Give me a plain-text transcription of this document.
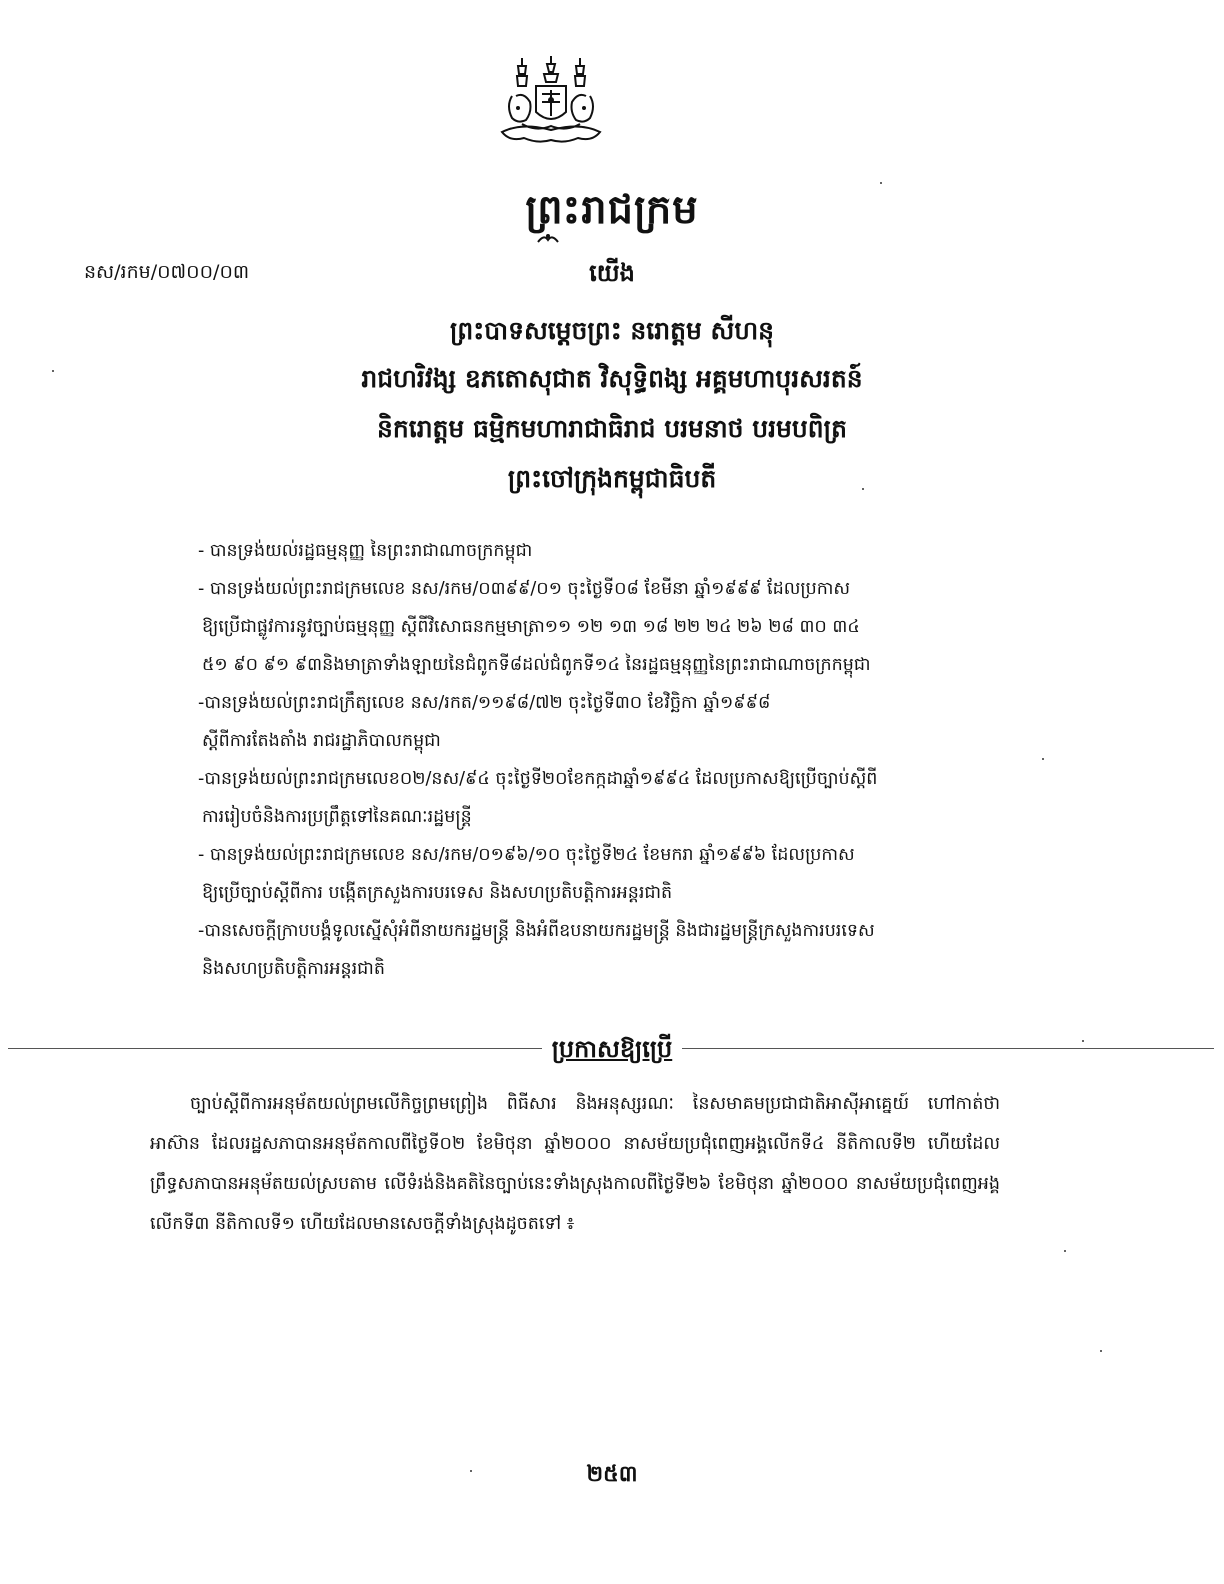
ព្រះរាជក្រម
នស/រកម/០៧០០/០៣	យើង
ព្រះបាទសម្តេចព្រះ នរោត្តម សីហនុ
រាជហរិវង្ស ឧភតោសុជាត វិសុទ្ធិពង្ស អគ្គមហាបុរសរតន៍
និករោត្តម ធម្មិកមហារាជាធិរាជ បរមនាថ បរមបពិត្រ
ព្រះចៅក្រុងកម្ពុជាធិបតី

- បានទ្រង់យល់រដ្ឋធម្មនុញ្ញ នៃព្រះរាជាណាចក្រកម្ពុជា

- បានទ្រង់យល់ព្រះរាជក្រមលេខ នស/រកម/០៣៩៩/០១ ចុះថ្ងៃទី០៨ ខែមីនា ឆ្នាំ១៩៩៩ ដែលប្រកាស
ឱ្យប្រើជាផ្លូវការនូវច្បាប់ធម្មនុញ្ញ ស្តីពីវិសោធនកម្មមាត្រា១១ ១២ ១៣ ១៨ ២២ ២៤ ២៦ ២៨ ៣០ ៣៤
៥១ ៩០ ៩១ ៩៣និងមាត្រាទាំងឡាយនៃជំពូកទី៨ដល់ជំពូកទី១៤ នៃរដ្ឋធម្មនុញ្ញនៃព្រះរាជាណាចក្រកម្ពុជា

-បានទ្រង់យល់ព្រះរាជក្រឹត្យលេខ នស/រកត/១១៩៨/៧២ ចុះថ្ងៃទី៣០ ខែវិច្ឆិកា ឆ្នាំ១៩៩៨
ស្តីពីការតែងតាំង រាជរដ្ឋាភិបាលកម្ពុជា

-បានទ្រង់យល់ព្រះរាជក្រមលេខ០២/នស/៩៤ ចុះថ្ងៃទី២០ខែកក្កដាឆ្នាំ១៩៩៤ ដែលប្រកាសឱ្យប្រើច្បាប់ស្តីពី
ការរៀបចំនិងការប្រព្រឹត្តទៅនៃគណៈរដ្ឋមន្ត្រី

- បានទ្រង់យល់ព្រះរាជក្រមលេខ នស/រកម/០១៩៦/១០ ចុះថ្ងៃទី២៤ ខែមករា ឆ្នាំ១៩៩៦ ដែលប្រកាស
ឱ្យប្រើច្បាប់ស្តីពីការ បង្កើតក្រសួងការបរទេស និងសហប្រតិបត្តិការអន្តរជាតិ

-បានសេចក្តីក្រាបបង្គំទូលស្នើសុំអំពីនាយករដ្ឋមន្ត្រី និងអំពីឧបនាយករដ្ឋមន្ត្រី និងជារដ្ឋមន្ត្រីក្រសួងការបរទេស
និងសហប្រតិបត្តិការអន្តរជាតិ

ប្រកាសឱ្យប្រើ
ច្បាប់ស្តីពីការអនុម័តយល់ព្រមលើកិច្ចព្រមព្រៀង ពិធីសារ និងអនុស្សរណៈ នៃសមាគមប្រជាជាតិអាស៊ីអាគ្នេយ៍ ហៅកាត់ថា អាស៊ាន ដែលរដ្ឋសភាបានអនុម័តកាលពីថ្ងៃទី០២ ខែមិថុនា ឆ្នាំ២០០០ នាសម័យប្រជុំពេញអង្គលើកទី៤ នីតិកាលទី២ ហើយដែលព្រឹទ្ធសភាបានអនុម័តយល់ស្របតាម លើទំរង់និងគតិនៃច្បាប់នេះទាំងស្រុងកាលពីថ្ងៃទី២៦ ខែមិថុនា ឆ្នាំ២០០០ នាសម័យប្រជុំពេញអង្គលើកទី៣ នីតិកាលទី១ ហើយដែលមានសេចក្តីទាំងស្រុងដូចតទៅ ៖
២៥៣
